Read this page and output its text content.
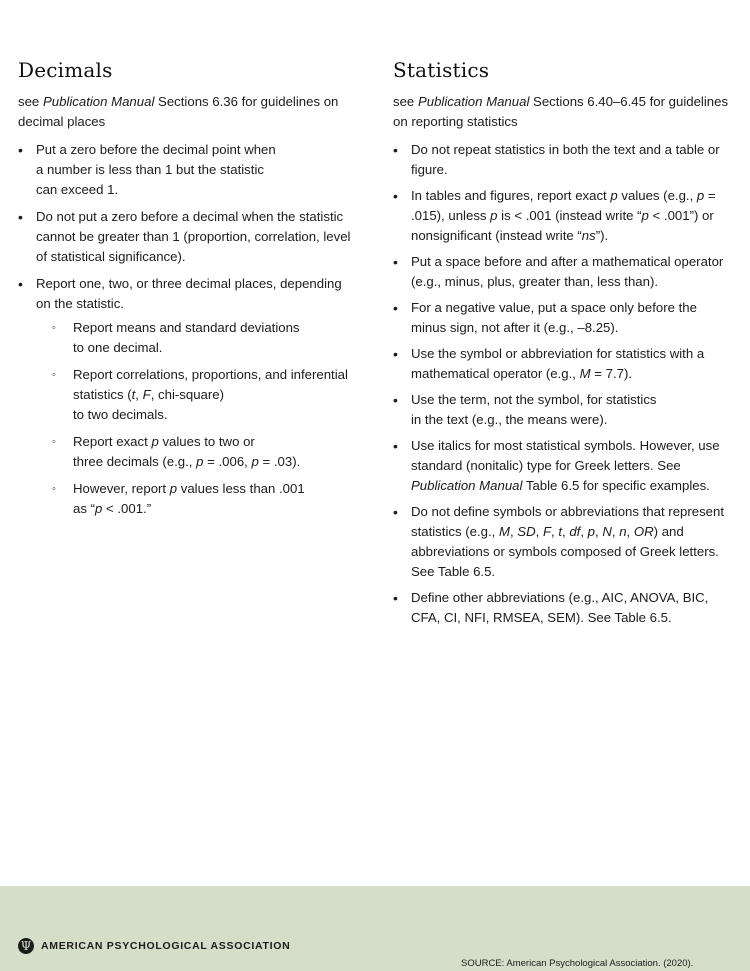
Decimals

see Publication Manual Sections 6.36 for guidelines on decimal places

• Put a zero before the decimal point when
a number is less than 1 but the statistic
can exceed 1.
• Do not put a zero before a decimal when the statistic cannot be greater than 1 (proportion, correlation, level of statistical significance).
• Report one, two, or three decimal places, depending on the statistic.
◦ Report means and standard deviations
to one decimal.
◦ Report correlations, proportions, and inferential statistics (t, F, chi-square)
to two decimals.
◦ Report exact p values to two or
three decimals (e.g., p = .006, p = .03).
◦ However, report p values less than .001
as “p < .001.”
Statistics

see Publication Manual Sections 6.40–6.45 for guidelines on reporting statistics

• Do not repeat statistics in both the text and a table or figure.
• In tables and figures, report exact p values (e.g., p = .015), unless p is < .001 (instead write “p < .001”) or nonsignificant (instead write “ns”).
• Put a space before and after a mathematical operator (e.g., minus, plus, greater than, less than).
• For a negative value, put a space only before the minus sign, not after it (e.g., –8.25).
• Use the symbol or abbreviation for statistics with a mathematical operator (e.g., M = 7.7).
• Use the term, not the symbol, for statistics
in the text (e.g., the means were).
• Use italics for most statistical symbols. However, use standard (nonitalic) type for Greek letters. See Publication Manual Table 6.5 for specific examples.
• Do not define symbols or abbreviations that represent statistics (e.g., M, SD, F, t, df, p, N, n, OR) and abbreviations or symbols composed of Greek letters. See Table 6.5.
• Define other abbreviations (e.g., AIC, ANOVA, BIC, CFA, CI, NFI, RMSEA, SEM). See Table 6.5.
Ψ AMERICAN PSYCHOLOGICAL ASSOCIATION
SOURCE: American Psychological Association. (2020).
